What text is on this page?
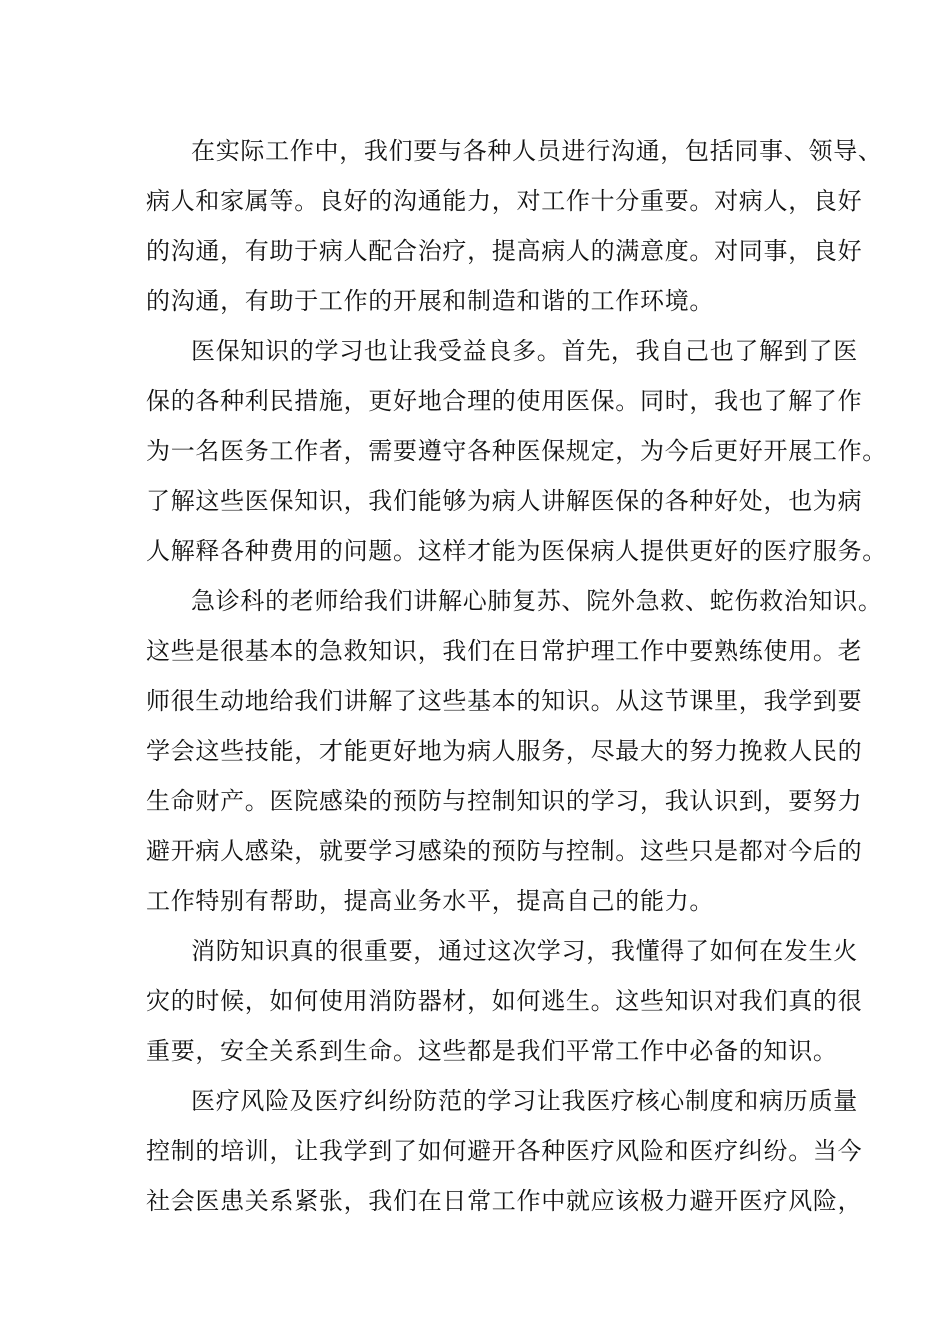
在实际工作中，我们要与各种人员进行沟通，包括同事、领导、
病人和家属等。良好的沟通能力，对工作十分重要。对病人，良好
的沟通，有助于病人配合治疗，提高病人的满意度。对同事，良好
的沟通，有助于工作的开展和制造和谐的工作环境。
医保知识的学习也让我受益良多。首先，我自己也了解到了医
保的各种利民措施，更好地合理的使用医保。同时，我也了解了作
为一名医务工作者，需要遵守各种医保规定，为今后更好开展工作。
了解这些医保知识，我们能够为病人讲解医保的各种好处，也为病
人解释各种费用的问题。这样才能为医保病人提供更好的医疗服务。
急诊科的老师给我们讲解心肺复苏、院外急救、蛇伤救治知识。
这些是很基本的急救知识，我们在日常护理工作中要熟练使用。老
师很生动地给我们讲解了这些基本的知识。从这节课里，我学到要
学会这些技能，才能更好地为病人服务，尽最大的努力挽救人民的
生命财产。医院感染的预防与控制知识的学习，我认识到，要努力
避开病人感染，就要学习感染的预防与控制。这些只是都对今后的
工作特别有帮助，提高业务水平，提高自己的能力。
消防知识真的很重要，通过这次学习，我懂得了如何在发生火
灾的时候，如何使用消防器材，如何逃生。这些知识对我们真的很
重要，安全关系到生命。这些都是我们平常工作中必备的知识。
医疗风险及医疗纠纷防范的学习让我医疗核心制度和病历质量
控制的培训，让我学到了如何避开各种医疗风险和医疗纠纷。当今
社会医患关系紧张，我们在日常工作中就应该极力避开医疗风险，
